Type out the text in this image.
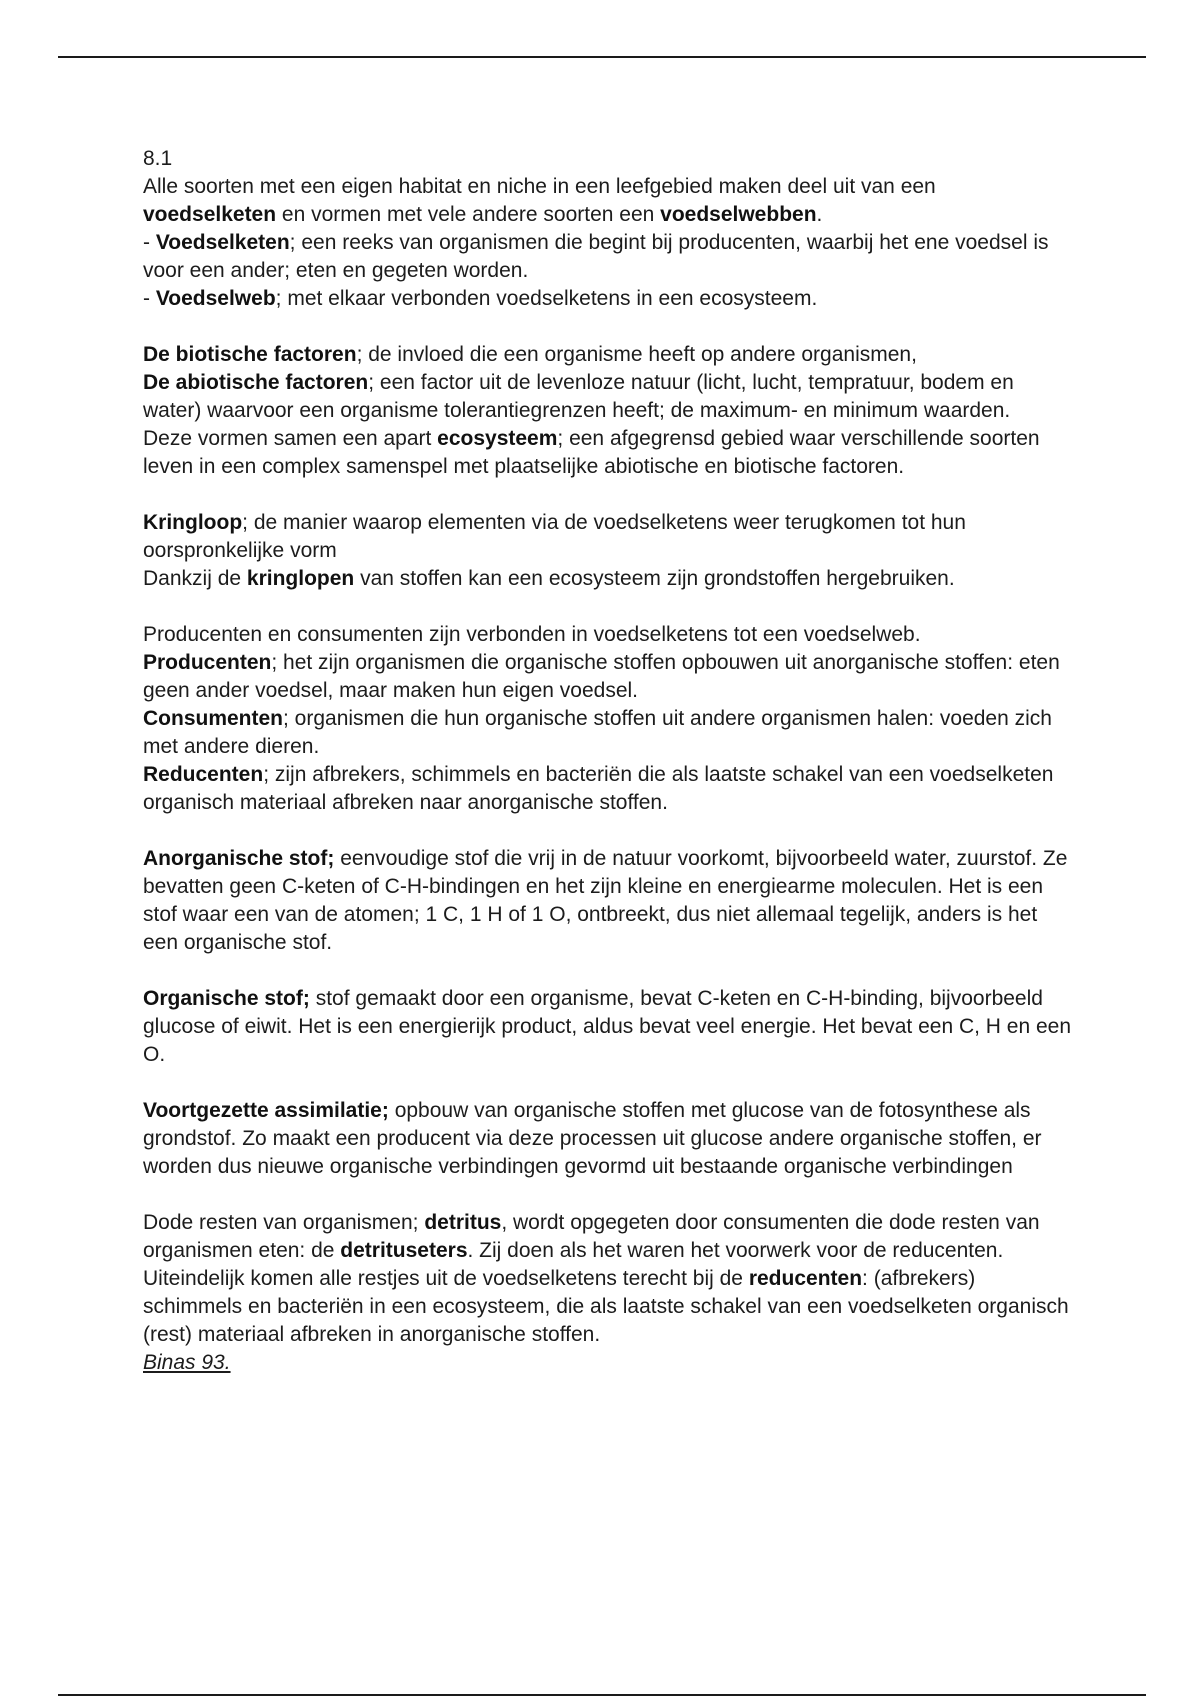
8.1

Alle soorten met een eigen habitat en niche in een leefgebied maken deel uit van een voedselketen en vormen met vele andere soorten een voedselwebben.

- Voedselketen; een reeks van organismen die begint bij producenten, waarbij het ene voedsel is voor een ander; eten en gegeten worden.

- Voedselweb; met elkaar verbonden voedselketens in een ecosysteem.

De biotische factoren; de invloed die een organisme heeft op andere organismen,

De abiotische factoren; een factor uit de levenloze natuur (licht, lucht, tempratuur, bodem en water) waarvoor een organisme tolerantiegrenzen heeft; de maximum- en minimum waarden.

Deze vormen samen een apart ecosysteem; een afgegrensd gebied waar verschillende soorten leven in een complex samenspel met plaatselijke abiotische en biotische factoren.

Kringloop; de manier waarop elementen via de voedselketens weer terugkomen tot hun oorspronkelijke vorm

Dankzij de kringlopen van stoffen kan een ecosysteem zijn grondstoffen hergebruiken.

Producenten en consumenten zijn verbonden in voedselketens tot een voedselweb.

Producenten; het zijn organismen die organische stoffen opbouwen uit anorganische stoffen: eten geen ander voedsel, maar maken hun eigen voedsel.

Consumenten; organismen die hun organische stoffen uit andere organismen halen: voeden zich met andere dieren.

Reducenten; zijn afbrekers, schimmels en bacteriën die als laatste schakel van een voedselketen organisch materiaal afbreken naar anorganische stoffen.

Anorganische stof; eenvoudige stof die vrij in de natuur voorkomt, bijvoorbeeld water, zuurstof. Ze bevatten geen C-keten of C-H-bindingen en het zijn kleine en energiearme moleculen. Het is een stof waar een van de atomen; 1 C, 1 H of 1 O, ontbreekt, dus niet allemaal tegelijk, anders is het een organische stof.

Organische stof; stof gemaakt door een organisme, bevat C-keten en C-H-binding, bijvoorbeeld glucose of eiwit. Het is een energierijk product, aldus bevat veel energie. Het bevat een C, H en een O.

Voortgezette assimilatie; opbouw van organische stoffen met glucose van de fotosynthese als grondstof. Zo maakt een producent via deze processen uit glucose andere organische stoffen, er worden dus nieuwe organische verbindingen gevormd uit bestaande organische verbindingen

Dode resten van organismen; detritus, wordt opgegeten door consumenten die dode resten van organismen eten: de detrituseters. Zij doen als het waren het voorwerk voor de reducenten.

Uiteindelijk komen alle restjes uit de voedselketens terecht bij de reducenten: (afbrekers) schimmels en bacteriën in een ecosysteem, die als laatste schakel van een voedselketen organisch (rest) materiaal afbreken in anorganische stoffen.

Binas 93.
